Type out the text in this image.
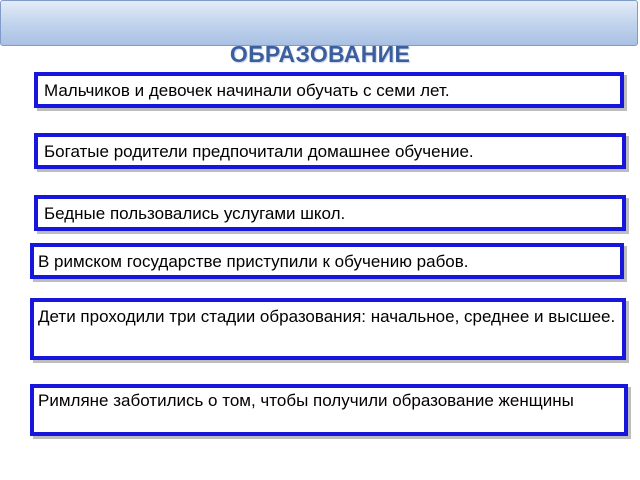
ОБРАЗОВАНИЕ
Мальчиков и девочек начинали обучать с семи лет.
Богатые родители предпочитали домашнее обучение.
Бедные пользовались услугами школ.
В римском государстве приступили к обучению рабов.
Дети проходили три стадии образования: начальное, среднее и высшее.
Римляне заботились о том, чтобы получили образование женщины
